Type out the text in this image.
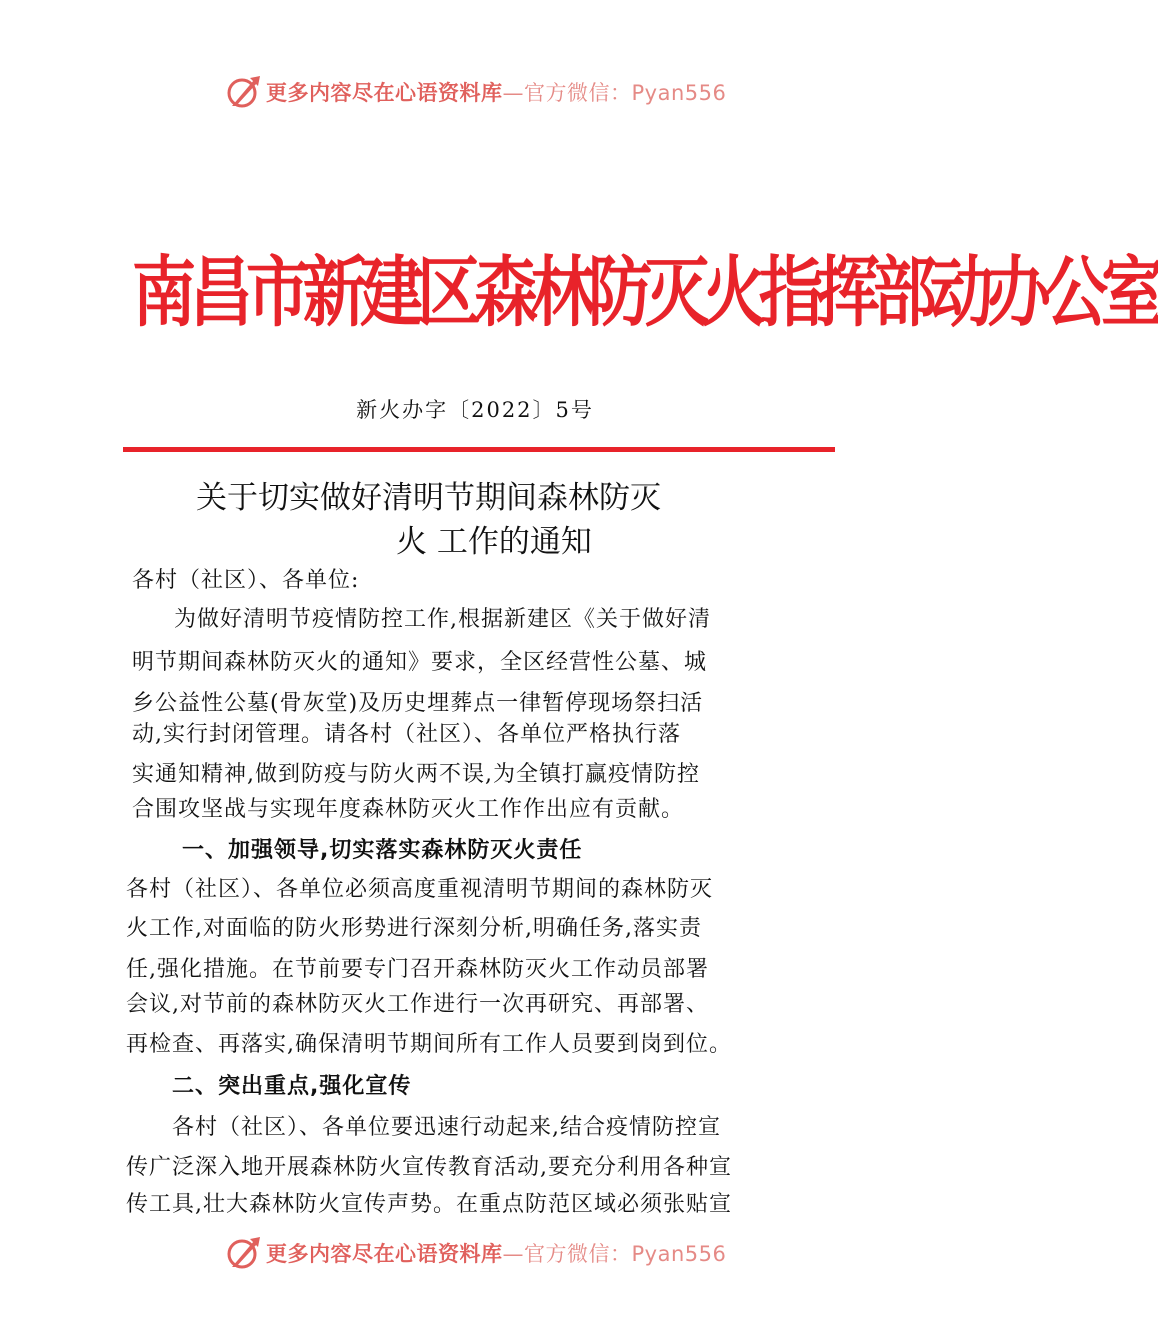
更多内容尽在心语资料库—官方微信：Pyan556
南昌市新建区森林防灭火指挥部动办公室
新火办字〔2022〕5号
关于切实做好清明节期间森林防灭
火 工作的通知
各村（社区）、各单位:
为做好清明节疫情防控工作,根据新建区《关于做好清
明节期间森林防灭火的通知》要求，全区经营性公墓、城
乡公益性公墓(骨灰堂)及历史埋葬点一律暂停现场祭扫活
动,实行封闭管理。请各村（社区）、各单位严格执行落
实通知精神,做到防疫与防火两不误,为全镇打赢疫情防控
合围攻坚战与实现年度森林防灭火工作作出应有贡献。
一、加强领导,切实落实森林防灭火责任
各村（社区）、各单位必须高度重视清明节期间的森林防灭
火工作,对面临的防火形势进行深刻分析,明确任务,落实责
任,强化措施。在节前要专门召开森林防灭火工作动员部署
会议,对节前的森林防灭火工作进行一次再研究、再部署、
再检查、再落实,确保清明节期间所有工作人员要到岗到位。
二、突出重点,强化宣传
各村（社区）、各单位要迅速行动起来,结合疫情防控宣
传广泛深入地开展森林防火宣传教育活动,要充分利用各种宣
传工具,壮大森林防火宣传声势。在重点防范区域必须张贴宣
更多内容尽在心语资料库—官方微信：Pyan556
